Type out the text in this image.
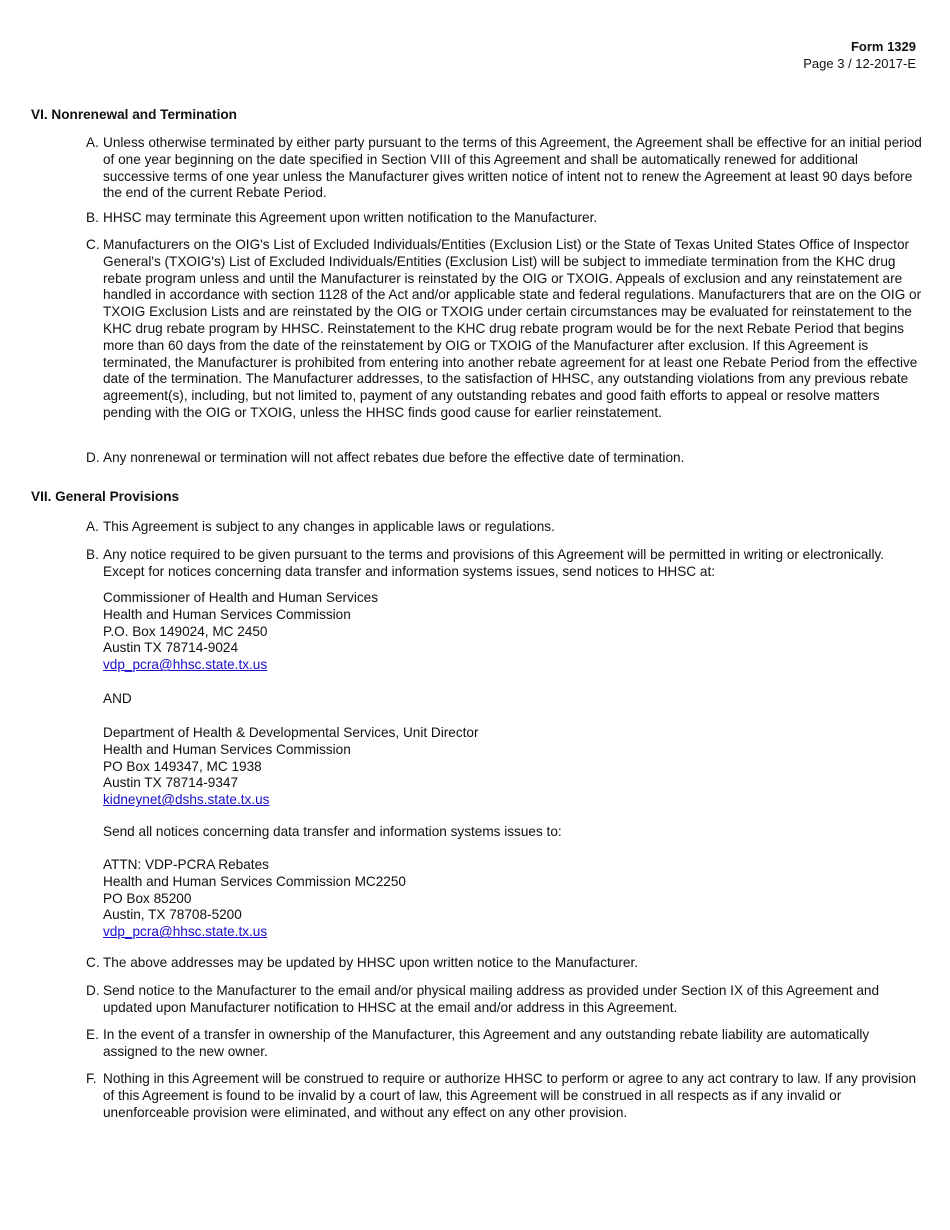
Form 1329
Page 3 / 12-2017-E
VI. Nonrenewal and Termination
A. Unless otherwise terminated by either party pursuant to the terms of this Agreement, the Agreement shall be effective for an initial period of one year beginning on the date specified in Section VIII of this Agreement and shall be automatically renewed for additional successive terms of one year unless the Manufacturer gives written notice of intent not to renew the Agreement at least 90 days before the end of the current Rebate Period.
B. HHSC may terminate this Agreement upon written notification to the Manufacturer.
C. Manufacturers on the OIG's List of Excluded Individuals/Entities (Exclusion List) or the State of Texas United States Office of Inspector General's (TXOIG's) List of Excluded Individuals/Entities (Exclusion List) will be subject to immediate termination from the KHC drug rebate program unless and until the Manufacturer is reinstated by the OIG or TXOIG. Appeals of exclusion and any reinstatement are handled in accordance with section 1128 of the Act and/or applicable state and federal regulations. Manufacturers that are on the OIG or TXOIG Exclusion Lists and are reinstated by the OIG or TXOIG under certain circumstances may be evaluated for reinstatement to the KHC drug rebate program by HHSC. Reinstatement to the KHC drug rebate program would be for the next Rebate Period that begins more than 60 days from the date of the reinstatement by OIG or TXOIG of the Manufacturer after exclusion. If this Agreement is terminated, the Manufacturer is prohibited from entering into another rebate agreement for at least one Rebate Period from the effective date of the termination. The Manufacturer addresses, to the satisfaction of HHSC, any outstanding violations from any previous rebate agreement(s), including, but not limited to, payment of any outstanding rebates and good faith efforts to appeal or resolve matters pending with the OIG or TXOIG, unless the HHSC finds good cause for earlier reinstatement.
D. Any nonrenewal or termination will not affect rebates due before the effective date of termination.
VII. General Provisions
A. This Agreement is subject to any changes in applicable laws or regulations.
B. Any notice required to be given pursuant to the terms and provisions of this Agreement will be permitted in writing or electronically. Except for notices concerning data transfer and information systems issues, send notices to HHSC at:
Commissioner of Health and Human Services
Health and Human Services Commission
P.O. Box 149024, MC 2450
Austin TX 78714-9024
vdp_pcra@hhsc.state.tx.us
AND
Department of Health & Developmental Services, Unit Director
Health and Human Services Commission
PO Box 149347, MC 1938
Austin TX 78714-9347
kidneynet@dshs.state.tx.us
Send all notices concerning data transfer and information systems issues to:
ATTN: VDP-PCRA Rebates
Health and Human Services Commission MC2250
PO Box 85200
Austin, TX 78708-5200
vdp_pcra@hhsc.state.tx.us
C. The above addresses may be updated by HHSC upon written notice to the Manufacturer.
D. Send notice to the Manufacturer to the email and/or physical mailing address as provided under Section IX of this Agreement and updated upon Manufacturer notification to HHSC at the email and/or address in this Agreement.
E. In the event of a transfer in ownership of the Manufacturer, this Agreement and any outstanding rebate liability are automatically assigned to the new owner.
F. Nothing in this Agreement will be construed to require or authorize HHSC to perform or agree to any act contrary to law. If any provision of this Agreement is found to be invalid by a court of law, this Agreement will be construed in all respects as if any invalid or unenforceable provision were eliminated, and without any effect on any other provision.
